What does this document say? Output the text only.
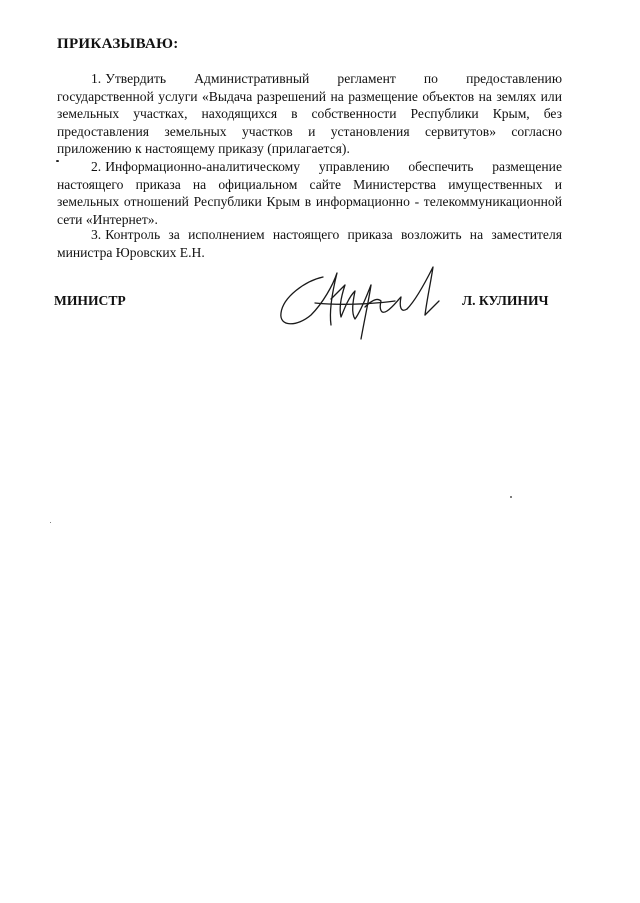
ПРИКАЗЫВАЮ:
1. Утвердить Административный регламент по предоставлению государственной услуги «Выдача разрешений на размещение объектов на землях или земельных участках, находящихся в собственности Республики Крым, без предоставления земельных участков и установления сервитутов» согласно приложению к настоящему приказу (прилагается).
2. Информационно-аналитическому управлению обеспечить размещение настоящего приказа на официальном сайте Министерства имущественных и земельных отношений Республики Крым в информационно - телекоммуникационной сети «Интернет».
3. Контроль за исполнением настоящего приказа возложить на заместителя министра Юровских Е.Н.
МИНИСТР	Л. КУЛИНИЧ
